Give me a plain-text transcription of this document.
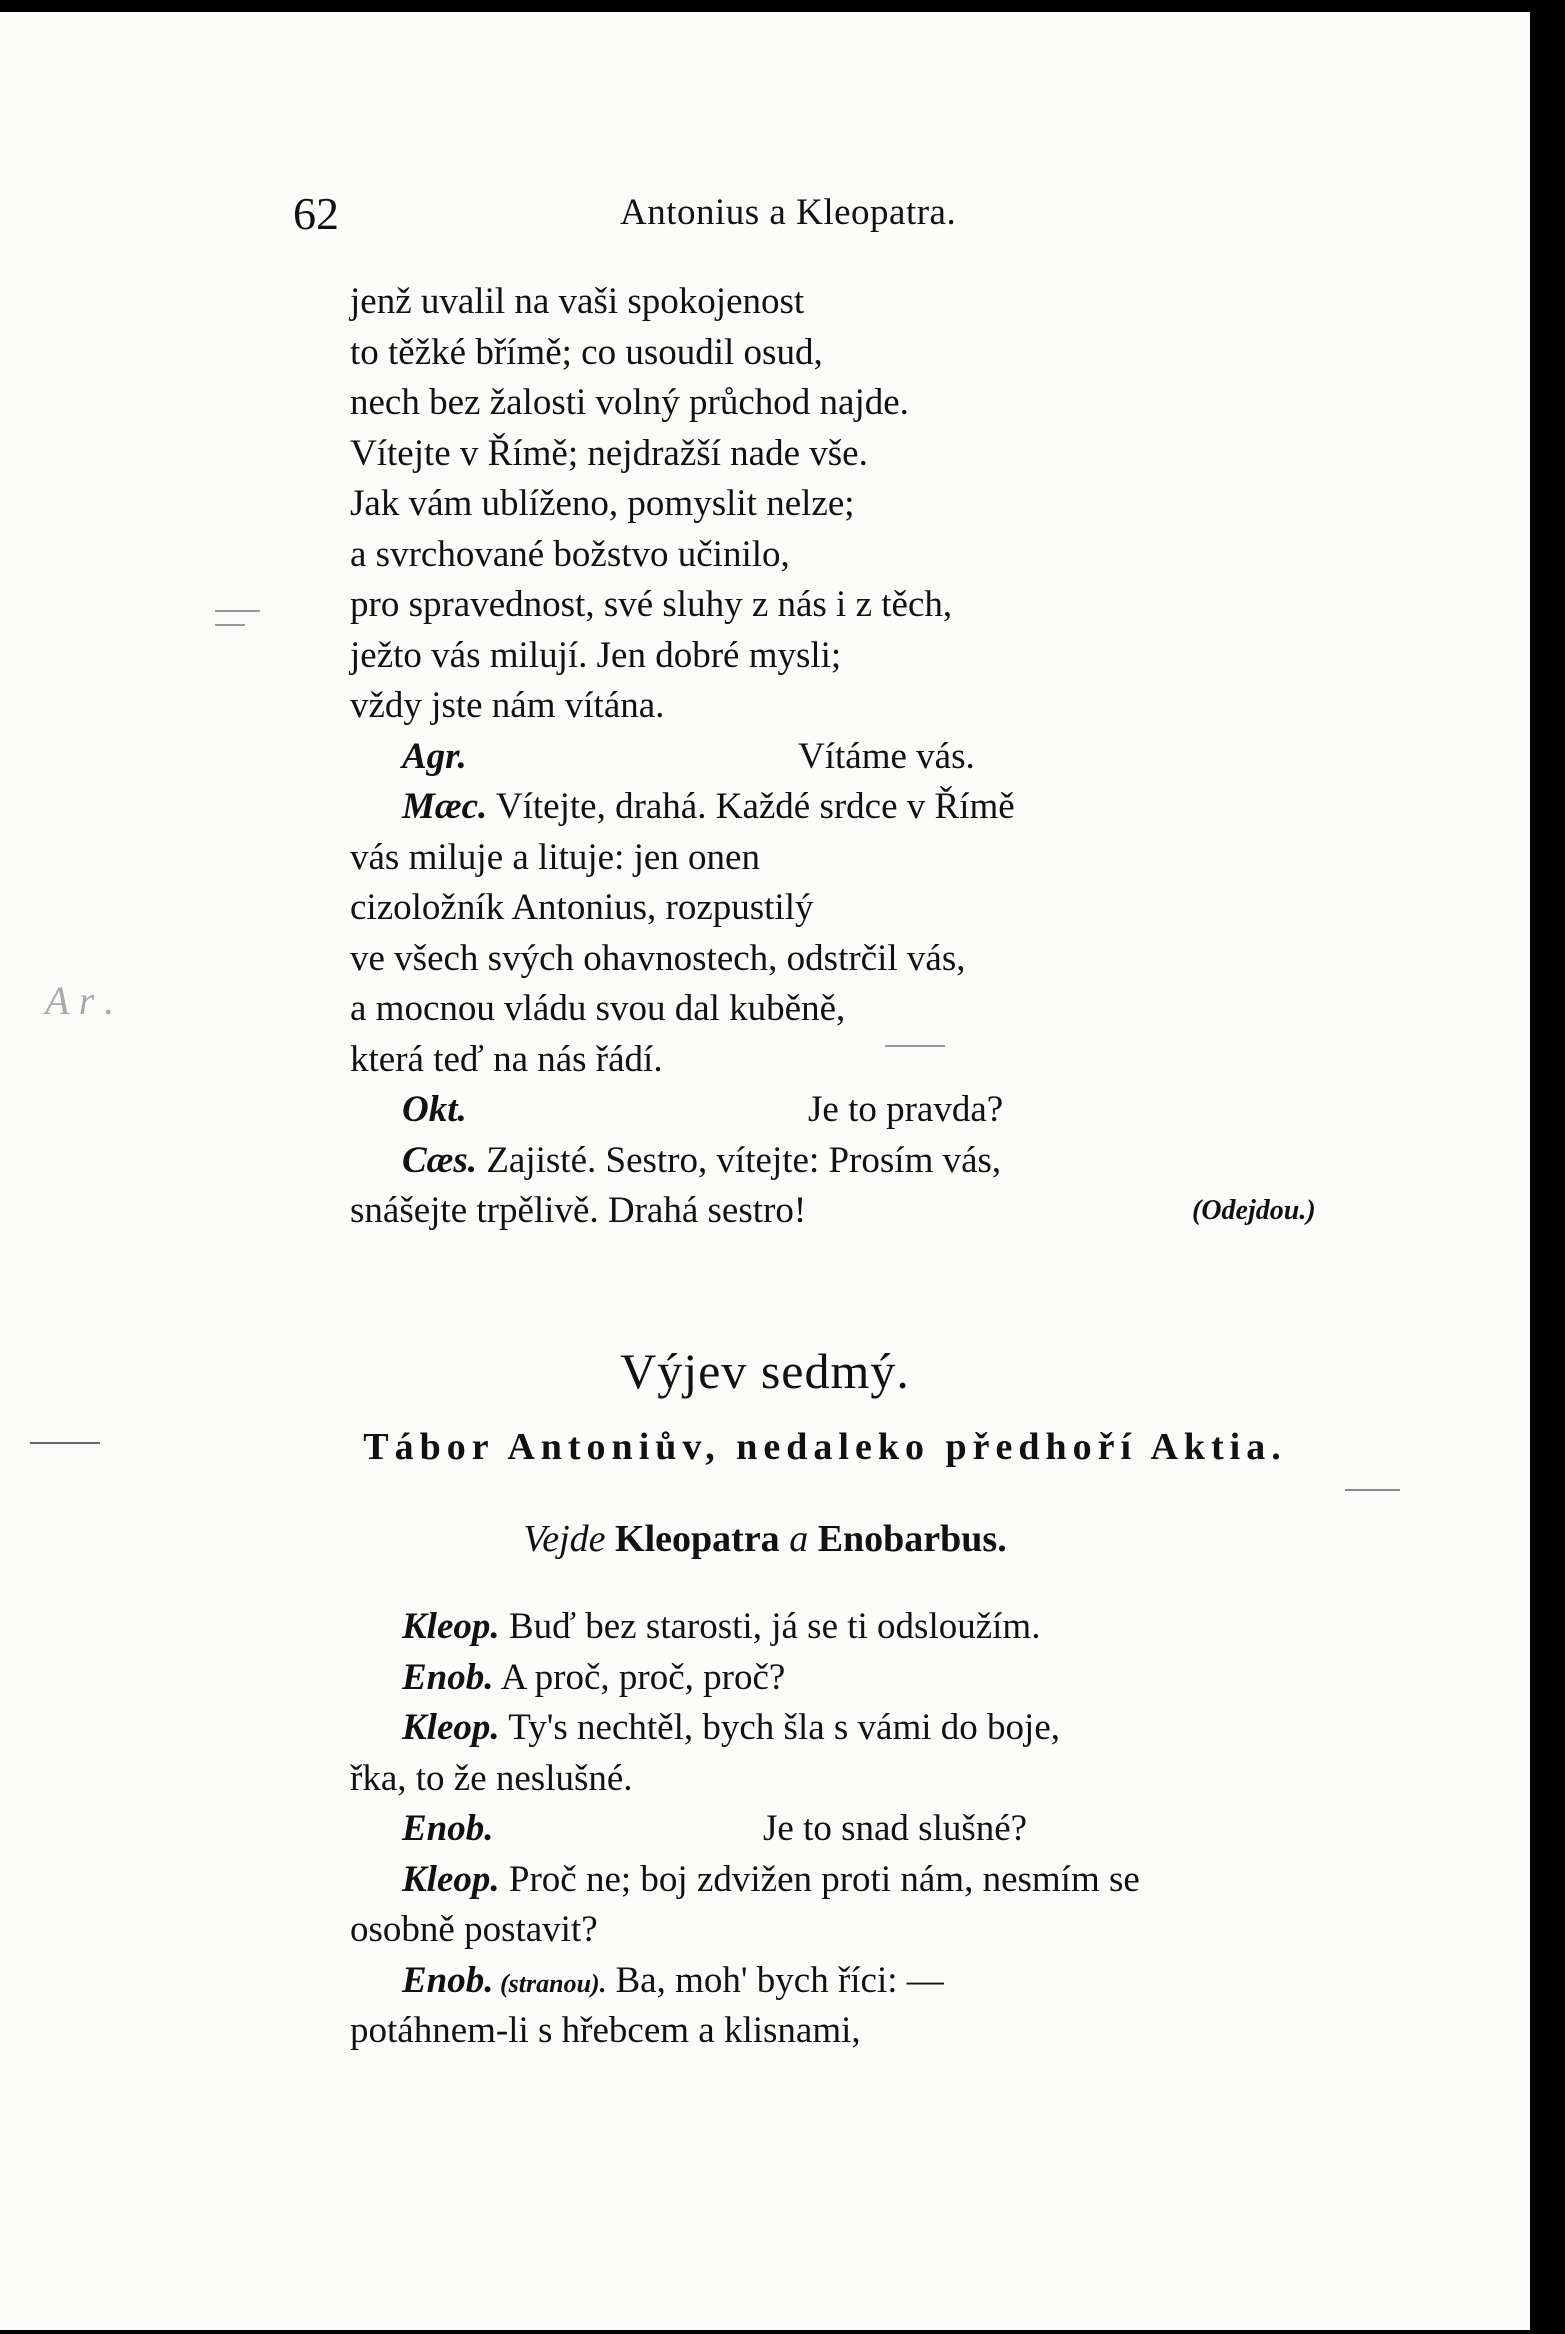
62	Antonius a Kleopatra.
jenž uvalil na vaši spokojenost
to těžké břímě; co usoudil osud,
nech bez žalosti volný průchod najde.
Vítejte v Římě; nejdražší nade vše.
Jak vám ublíženo, pomyslit nelze;
a svrchované božstvo učinilo,
pro spravednost, své sluhy z nás i z těch,
ježto vás milují. Jen dobré mysli;
vždy jste nám vítána.
Agr.	Vítáme vás.
Mæc. Vítejte, drahá. Každé srdce v Římě
vás miluje a lituje: jen onen
cizoložník Antonius, rozpustilý
ve všech svých ohavnostech, odstrčil vás,
a mocnou vládu svou dal kuběně,
která teď na nás řádí.
Okt.	Je to pravda?
Cæs. Zajisté. Sestro, vítejte: Prosím vás,
snášejte trpělivě. Drahá sestro!	(Odejdou.)
Výjev sedmý.
Tábor Antoniův, nedaleko předhoří Aktia.
Vejde Kleopatra a Enobarbus.
Kleop. Buď bez starosti, já se ti odsloužím.
Enob. A proč, proč, proč?
Kleop. Ty's nechtěl, bych šla s vámi do boje,
řka, to že neslušné.
Enob.	Je to snad slušné?
Kleop. Proč ne; boj zdvižen proti nám, nesmím se
osobně postavit?
Enob. (stranou). Ba, moh' bych říci: —
potáhnem-li s hřebcem a klisnami,
A r .
